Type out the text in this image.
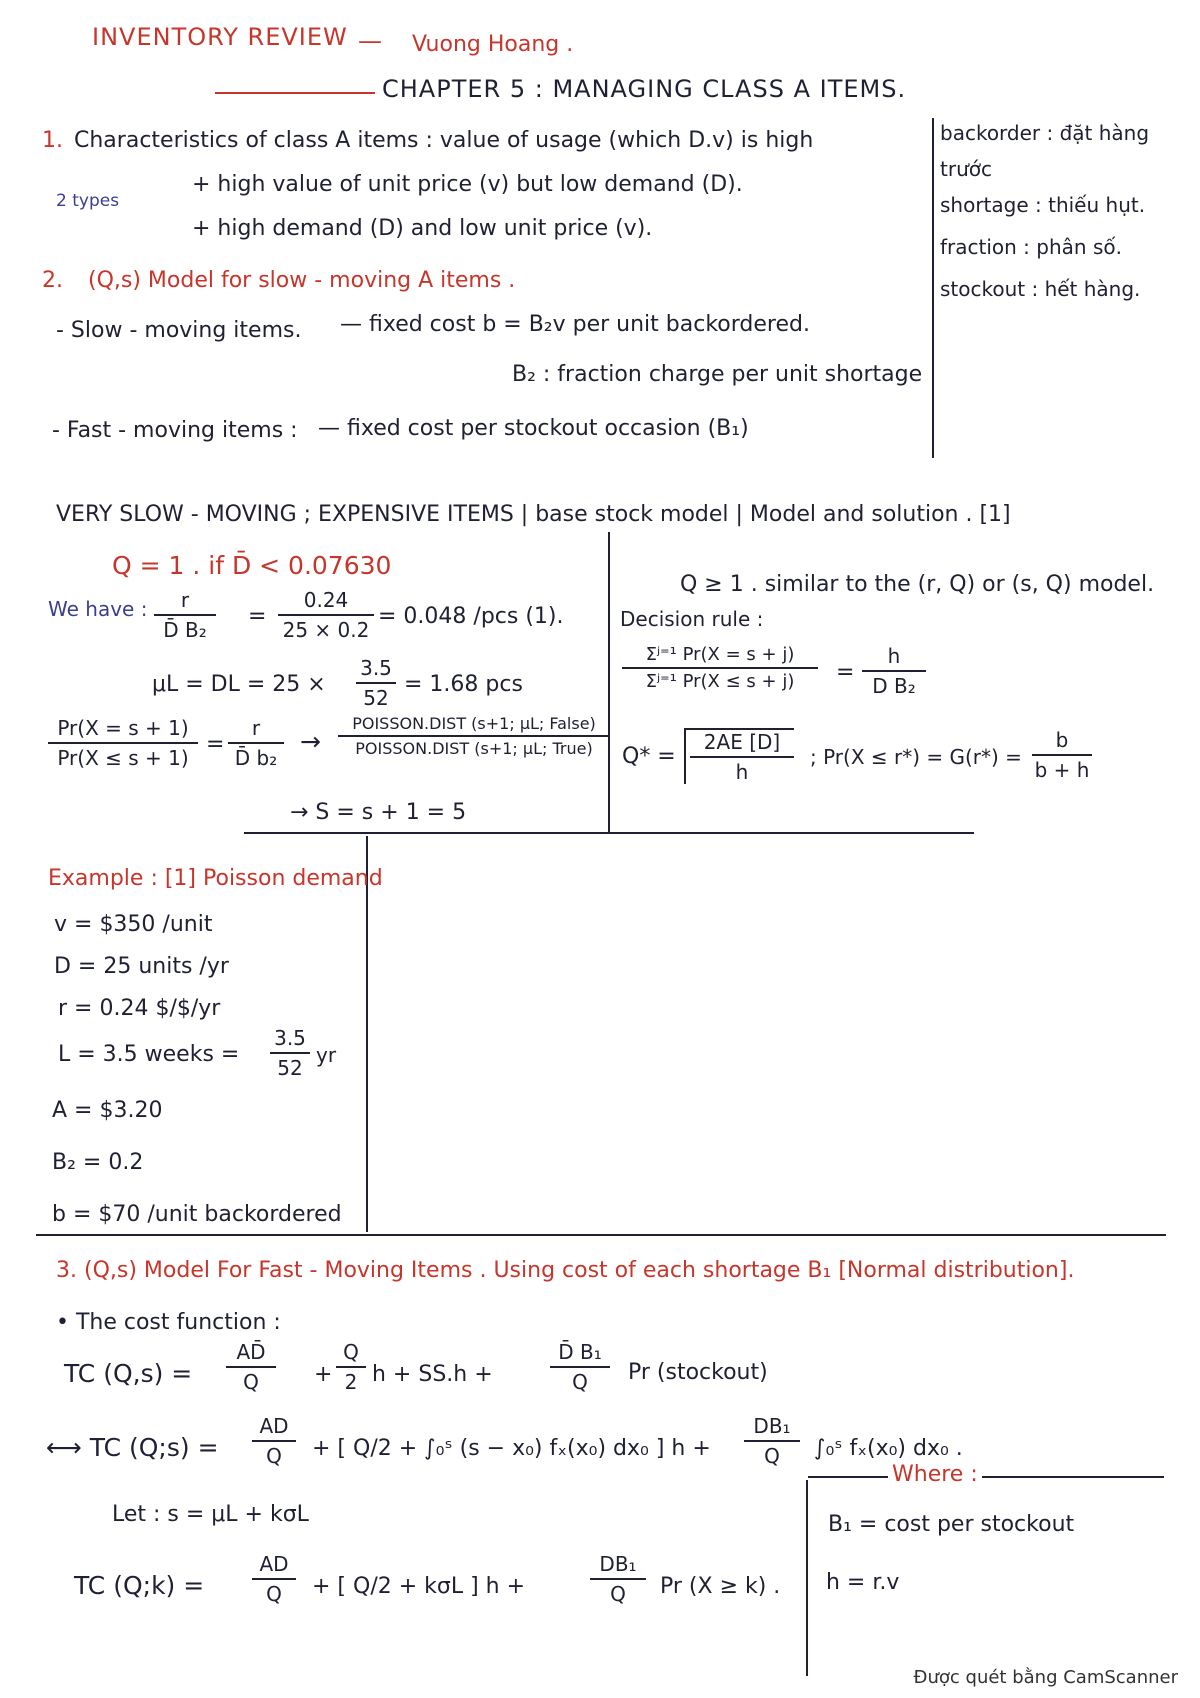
INVENTORY REVIEW — Vuong Hoang .
CHAPTER 5 : MANAGING CLASS A ITEMS.
backorder : đặt hàng
trước
shortage : thiếu hụt.
fraction : phân số.
stockout : hết hàng.
1. Characteristics of class A items : value of usage (which D.v) is high
2 types
+ high value of unit price (v) but low demand (D).
+ high demand (D) and low unit price (v).
2. (Q,s) Model for slow - moving A items .
- Slow - moving items. — fixed cost b = B₂v per unit backordered.
B₂ : fraction charge per unit shortage
- Fast - moving items : — fixed cost per stockout occasion (B₁)
VERY SLOW - MOVING ; EXPENSIVE ITEMS | base stock model | Model and solution . [1]
Q = 1 . if D̄ < 0.07630
We have :	r
D̄ B₂
=
0.24
25 × 0.2
= 0.048 /pcs (1).
μL = DL = 25 ×
3.5
52
= 1.68 pcs
Pr(X = s + 1)
Pr(X ≤ s + 1)
=
r
D̄ b₂
→
POISSON.DIST (s+1; μL; False)
POISSON.DIST (s+1; μL; True)
→ S = s + 1 = 5
Q ≥ 1 . similar to the (r, Q) or (s, Q) model.
Decision rule :
Σʲ⁼¹ Pr(X = s + j)
Σʲ⁼¹ Pr(X ≤ s + j)	=
h
D B₂
Q* =
2AE [D]
h
; Pr(X ≤ r*) = G(r*) =
b
b + h
Example : [1] Poisson demand
v = $350 /unit
D = 25 units /yr
r = 0.24 $/$/yr
L = 3.5 weeks =
3.5
52
yr
A = $3.20
B₂ = 0.2
b = $70 /unit backordered
3. (Q,s) Model For Fast - Moving Items . Using cost of each shortage B₁ [Normal distribution].
• The cost function :
TC (Q,s) =
AD̄
Q	+
Q
2 h + SS.h +
D̄ B₁
Q	Pr (stockout)
⟷ TC (Q;s) =
AD
Q	+ [ Q/2 + ∫₀ˢ (s − x₀) fₓ(x₀) dx₀ ] h +
DB₁
Q	∫₀ˢ fₓ(x₀) dx₀ .
Where :
Let : s = μL + kσL	B₁ = cost per stockout
TC (Q;k) =
AD
Q	+ [ Q/2 + kσL ] h +
DB₁
Q	Pr (X ≥ k) . h = r.v
Được quét bằng CamScanner
